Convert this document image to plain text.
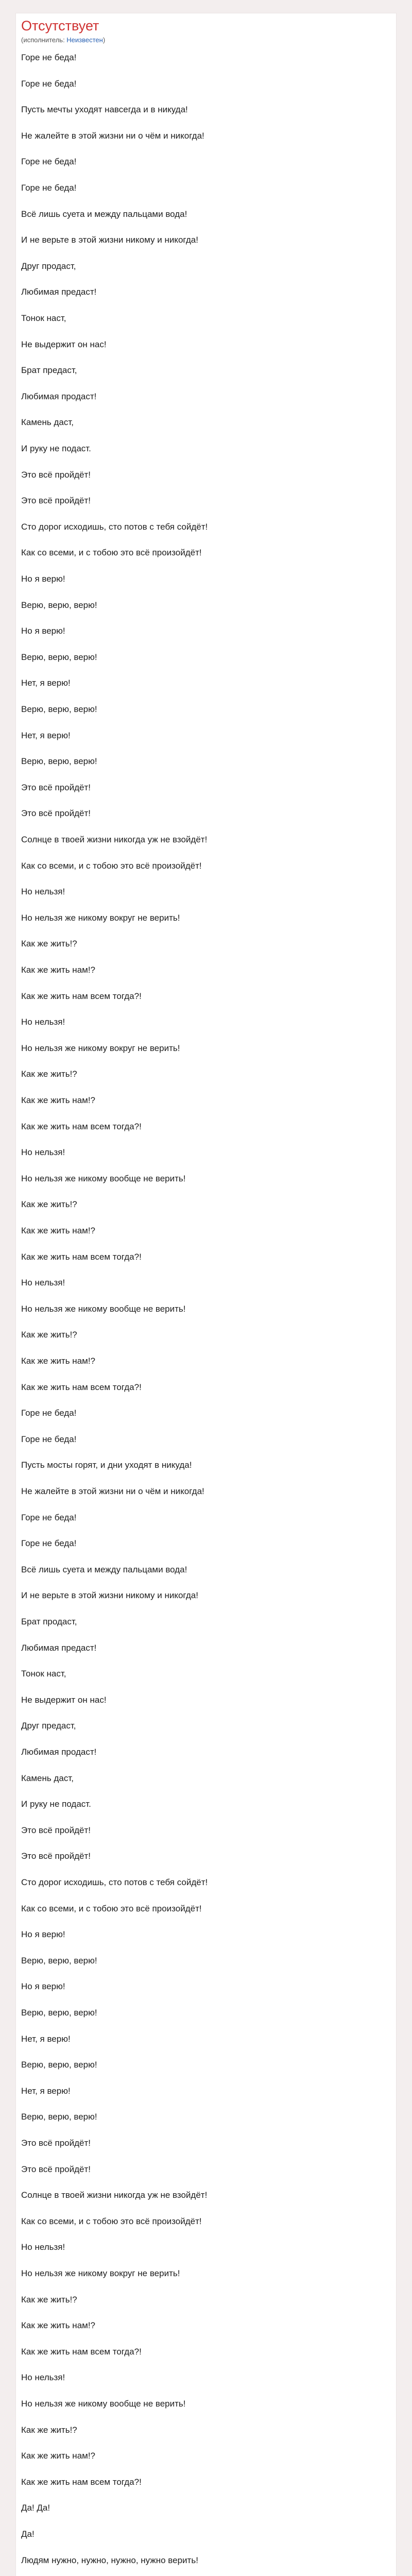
Отсутствует
(исполнитель: Неизвестен)
Горе не беда!
Горе не беда!
Пусть мечты уходят навсегда и в никуда!
Не жалейте в этой жизни ни о чём и никогда!
Горе не беда!
Горе не беда!
Всё лишь суета и между пальцами вода!
И не верьте в этой жизни никому и никогда!
Друг продаст,
Любимая предаст!
Тонок наст,
Не выдержит он нас!
Брат предаст,
Любимая продаст!
Камень даст,
И руку не подаст.
Это всё пройдёт!
Это всё пройдёт!
Сто дорог исходишь, сто потов с тебя сойдёт!
Как со всеми, и с тобою это всё произойдёт!
Но я верю!
Верю, верю, верю!
Но я верю!
Верю, верю, верю!
Нет, я верю!
Верю, верю, верю!
Нет, я верю!
Верю, верю, верю!
Это всё пройдёт!
Это всё пройдёт!
Солнце в твоей жизни никогда уж не взойдёт!
Как со всеми, и с тобою это всё произойдёт!
Но нельзя!
Но нельзя же никому вокруг не верить!
Как же жить!?
Как же жить нам!?
Как же жить нам всем тогда?!
Но нельзя!
Но нельзя же никому вокруг не верить!
Как же жить!?
Как же жить нам!?
Как же жить нам всем тогда?!
Но нельзя!
Но нельзя же никому вообще не верить!
Как же жить!?
Как же жить нам!?
Как же жить нам всем тогда?!
Но нельзя!
Но нельзя же никому вообще не верить!
Как же жить!?
Как же жить нам!?
Как же жить нам всем тогда?!
Горе не беда!
Горе не беда!
Пусть мосты горят, и дни уходят в никуда!
Не жалейте в этой жизни ни о чём и никогда!
Горе не беда!
Горе не беда!
Всё лишь суета и между пальцами вода!
И не верьте в этой жизни никому и никогда!
Брат продаст,
Любимая предаст!
Тонок наст,
Не выдержит он нас!
Друг предаст,
Любимая продаст!
Камень даст,
И руку не подаст.
Это всё пройдёт!
Это всё пройдёт!
Сто дорог исходишь, сто потов с тебя сойдёт!
Как со всеми, и с тобою это всё произойдёт!
Но я верю!
Верю, верю, верю!
Но я верю!
Верю, верю, верю!
Нет, я верю!
Верю, верю, верю!
Нет, я верю!
Верю, верю, верю!
Это всё пройдёт!
Это всё пройдёт!
Солнце в твоей жизни никогда уж не взойдёт!
Как со всеми, и с тобою это всё произойдёт!
Но нельзя!
Но нельзя же никому вокруг не верить!
Как же жить!?
Как же жить нам!?
Как же жить нам всем тогда?!
Но нельзя!
Но нельзя же никому вообще не верить!
Как же жить!?
Как же жить нам!?
Как же жить нам всем тогда?!
Да! Да!
Да!
Людям нужно, нужно, нужно, нужно верить!
